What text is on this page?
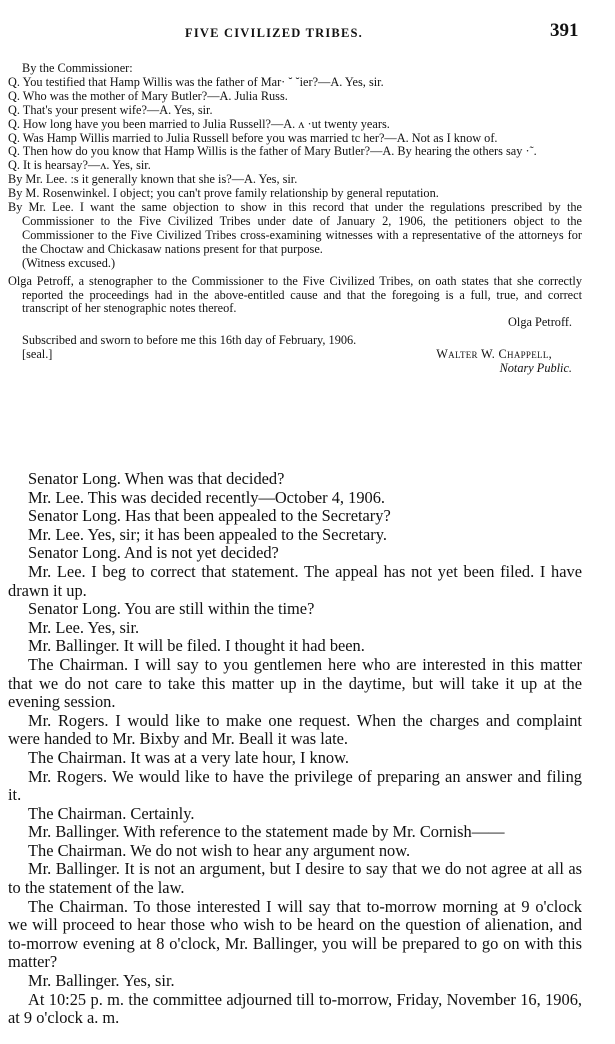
FIVE CIVILIZED TRIBES.	391

By the Commissioner:

Q. You testified that Hamp Willis was the father of Mar· ˘ ˘ier?—A. Yes, sir.

Q. Who was the mother of Mary Butler?—A. Julia Russ.

Q. That's your present wife?—A. Yes, sir.

Q. How long have you been married to Julia Russell?—A. ʌ ·ut twenty years.

Q. Was Hamp Willis married to Julia Russell before you was married tc her?—A. Not as I know of.

Q. Then how do you know that Hamp Willis is the father of Mary Butler?—A. By hearing the others say ·˜.

Q. It is hearsay?—ʌ. Yes, sir.

By Mr. Lee. :s it generally known that she is?—A. Yes, sir.

By M. Rosenwinkel. I object; you can't prove family relationship by general reputation.

By Mr. Lee. I want the same objection to show in this record that under the regulations prescribed by the Commissioner to the Five Civilized Tribes under date of January 2, 1906, the petitioners object to the Commissioner to the Five Civilized Tribes cross-examining witnesses with a representative of the attorneys for the Choctaw and Chickasaw nations present for that purpose.

(Witness excused.)

Olga Petroff, a stenographer to the Commissioner to the Five Civilized Tribes, on oath states that she correctly reported the proceedings had in the above-entitled cause and that the foregoing is a full, true, and correct transcript of her stenographic notes thereof.

Olga Petroff.

Subscribed and sworn to before me this 16th day of February, 1906.

[seal.]	Walter W. Chappell,

Notary Public.

Senator Long. When was that decided?

Mr. Lee. This was decided recently—October 4, 1906.

Senator Long. Has that been appealed to the Secretary?

Mr. Lee. Yes, sir; it has been appealed to the Secretary.

Senator Long. And is not yet decided?

Mr. Lee. I beg to correct that statement. The appeal has not yet been filed. I have drawn it up.

Senator Long. You are still within the time?

Mr. Lee. Yes, sir.

Mr. Ballinger. It will be filed. I thought it had been.

The Chairman. I will say to you gentlemen here who are interested in this matter that we do not care to take this matter up in the daytime, but will take it up at the evening session.

Mr. Rogers. I would like to make one request. When the charges and complaint were handed to Mr. Bixby and Mr. Beall it was late.

The Chairman. It was at a very late hour, I know.

Mr. Rogers. We would like to have the privilege of preparing an answer and filing it.

The Chairman. Certainly.

Mr. Ballinger. With reference to the statement made by Mr. Cornish——

The Chairman. We do not wish to hear any argument now.

Mr. Ballinger. It is not an argument, but I desire to say that we do not agree at all as to the statement of the law.

The Chairman. To those interested I will say that to-morrow morning at 9 o'clock we will proceed to hear those who wish to be heard on the question of alienation, and to-morrow evening at 8 o'clock, Mr. Ballinger, you will be prepared to go on with this matter?

Mr. Ballinger. Yes, sir.

At 10:25 p. m. the committee adjourned till to-morrow, Friday, November 16, 1906, at 9 o'clock a. m.
